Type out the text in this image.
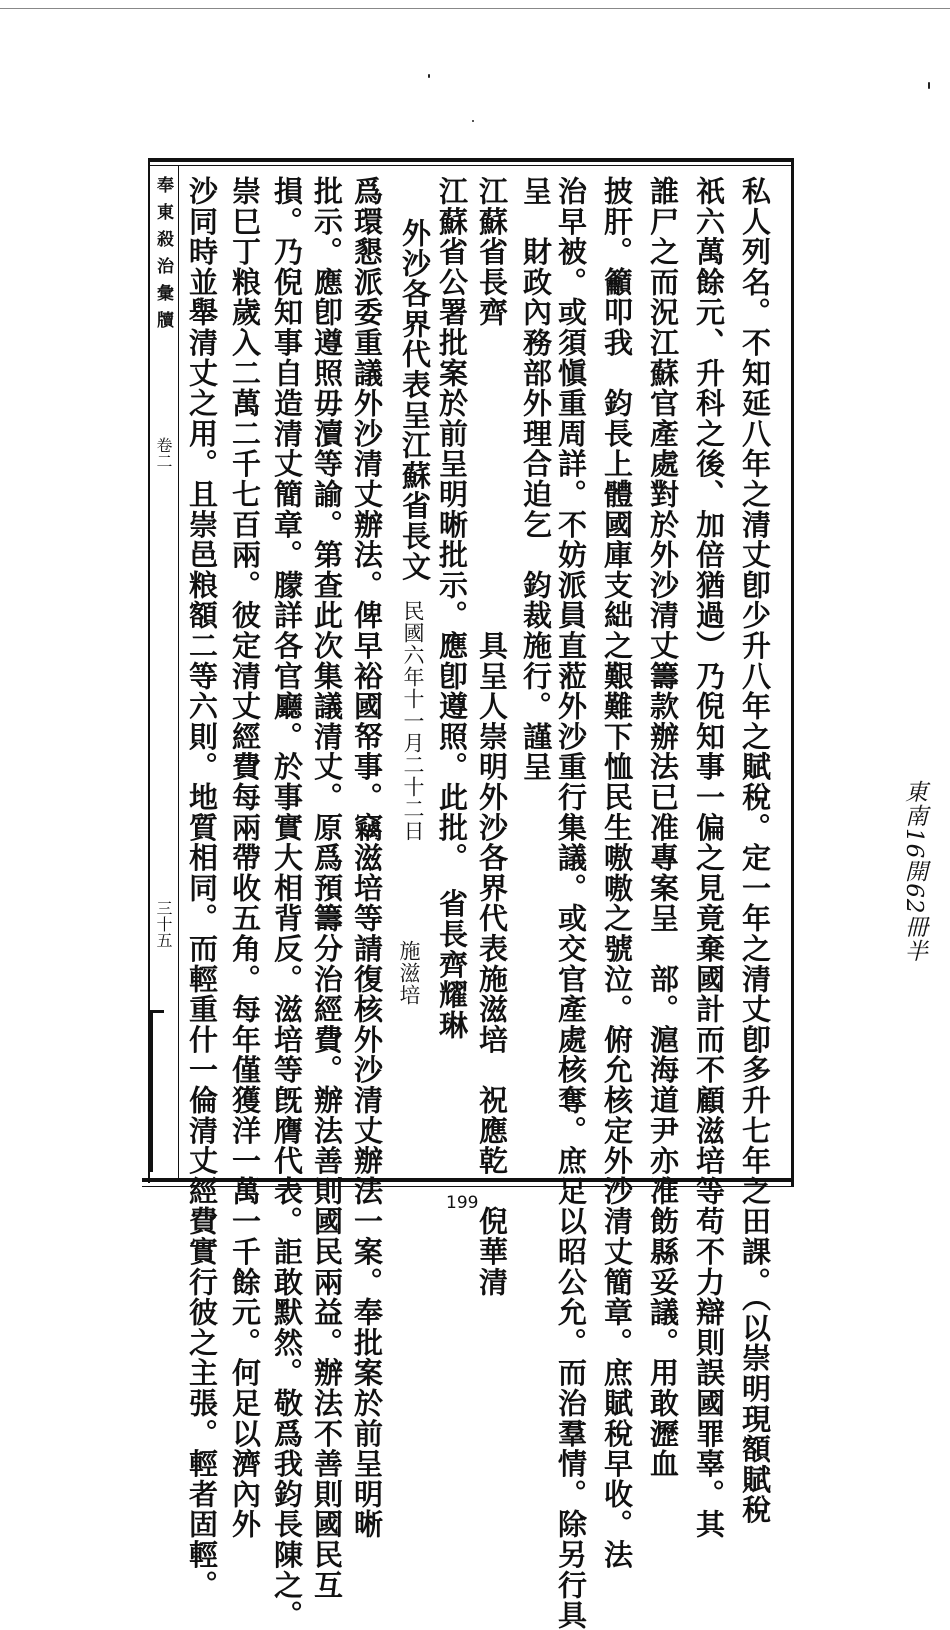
奉東殺治彙牘
卷二
三十五	私人列名。不知延八年之清丈卽少升八年之賦稅。定一年之清丈卽多升七年之田課。（以崇明現額賦稅
祇六萬餘元、升科之後、加倍猶過）乃倪知事一偏之見竟棄國計而不顧滋培等苟不力辯則誤國罪辜。其
誰尸之而況江蘇官產處對於外沙清丈籌款辦法已准專案呈　部。滬海道尹亦准飭縣妥議。用敢瀝血
披肝。籲叩我　鈞長上體國庫支絀之艱難下恤民生嗷嗷之號泣。俯允核定外沙清丈簡章。庶賦稅早收。法
治早被。或須愼重周詳。不妨派員直蒞外沙重行集議。或交官產處核奪。庶足以昭公允。而治羣情。除另行具
呈　財政內務部外理合迫乞　鈞裁施行。謹呈
江蘇省長齊　　　　　　　　　　具呈人崇明外沙各界代表施滋培　祝應乾　倪華清
江蘇省公署批案於前呈明晰批示。應卽遵照。此批。　省長齊耀琳
外沙各界代表呈江蘇省長文
民國六年十一月二十二日
施滋培
爲環懇派委重議外沙清丈辦法。俾早裕國帑事。竊滋培等請復核外沙清丈辦法一案。奉批案於前呈明晰
批示。應卽遵照毋瀆等諭。第查此次集議清丈。原爲預籌分治經費。辦法善則國民兩益。辦法不善則國民互
損。乃倪知事自造清丈簡章。朦詳各官廳。於事實大相背反。滋培等旣膺代表。詎敢默然。敬爲我鈞長陳之。
崇巳丁粮歲入二萬二千七百兩。彼定清丈經費每兩帶收五角。每年僅獲洋一萬一千餘元。何足以濟內外
沙同時並舉清丈之用。且崇邑粮額二等六則。地質相同。而輕重什一倫清丈經費實行彼之主張。輕者固輕。	199
東南16開62冊半
